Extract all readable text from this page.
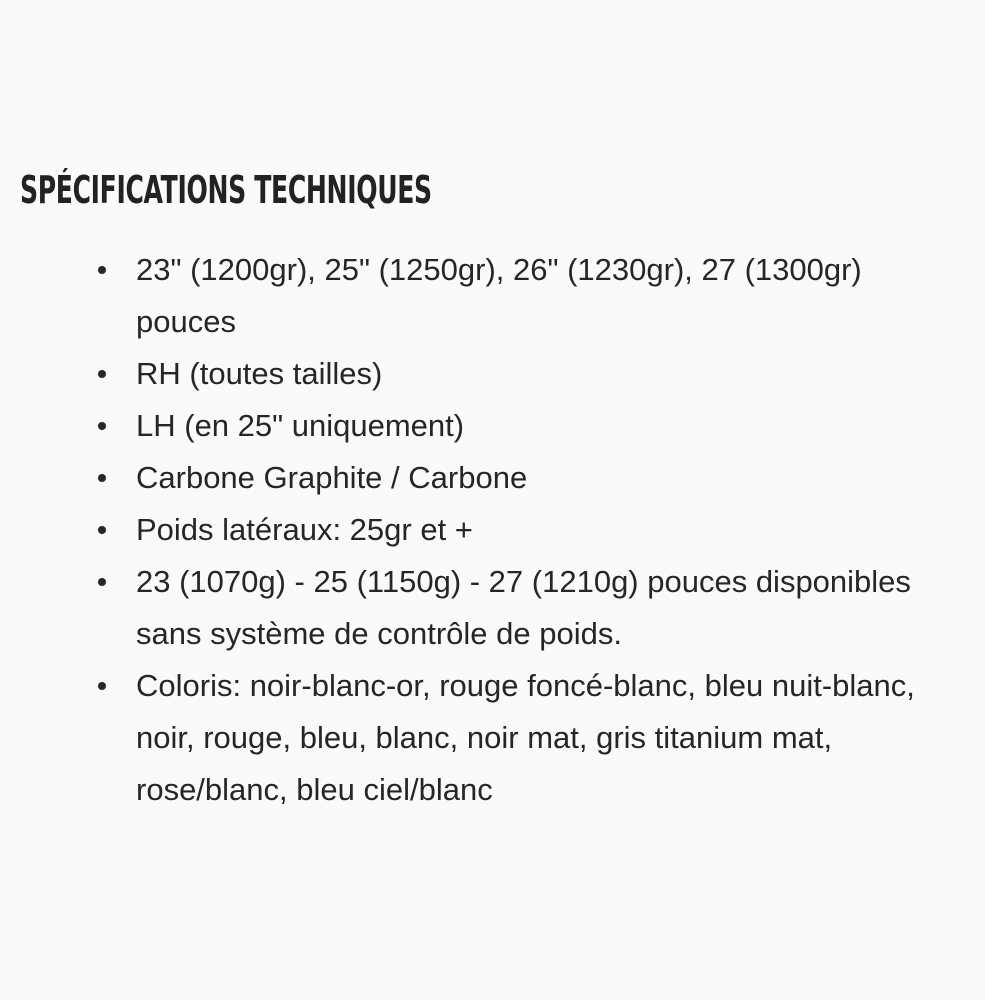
SPÉCIFICATIONS TECHNIQUES
23" (1200gr), 25" (1250gr), 26" (1230gr), 27 (1300gr) pouces
RH (toutes tailles)
LH (en 25" uniquement)
Carbone Graphite / Carbone
Poids latéraux: 25gr et +
23 (1070g) - 25 (1150g) - 27 (1210g) pouces disponibles sans système de contrôle de poids.
Coloris: noir-blanc-or, rouge foncé-blanc, bleu nuit-blanc, noir, rouge, bleu, blanc, noir mat, gris titanium mat, rose/blanc, bleu ciel/blanc
